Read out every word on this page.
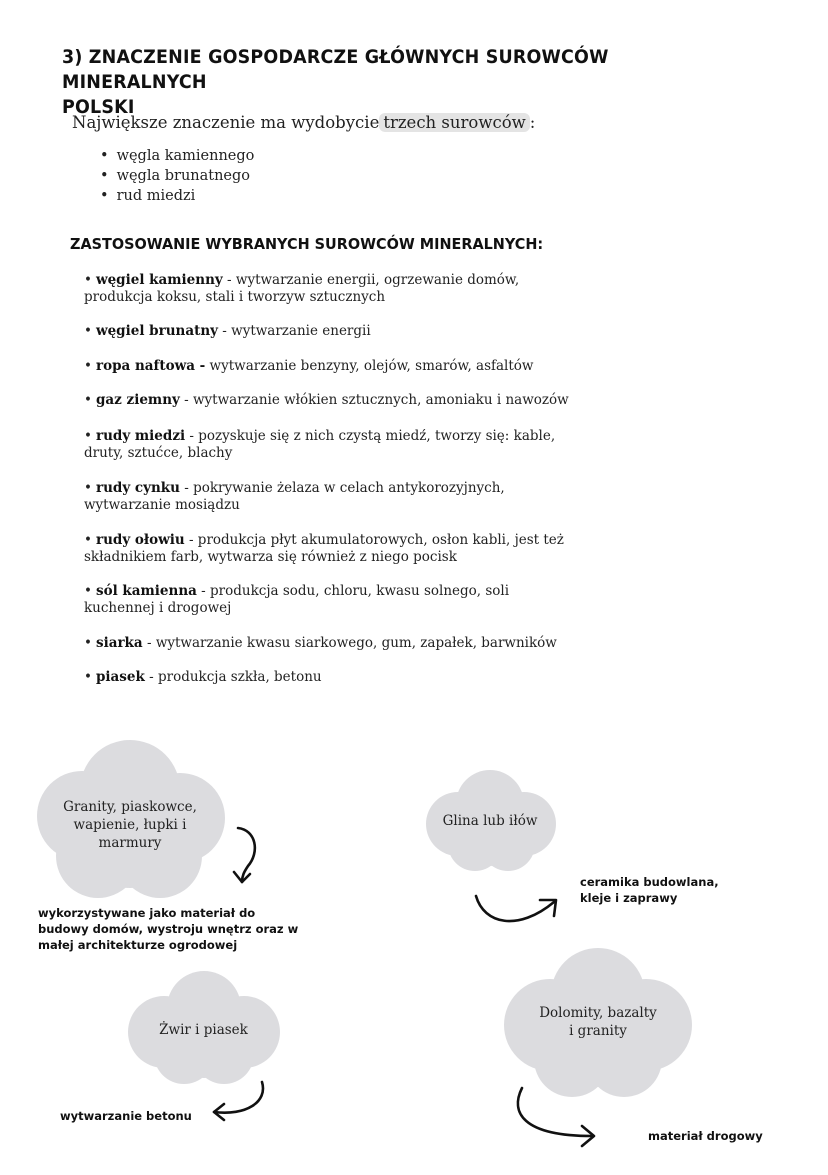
3) ZNACZENIE GOSPODARCZE GŁÓWNYCH SUROWCÓW MINERALNYCH
POLSKI
Największe znaczenie ma wydobycie trzech surowców :
• węgla kamiennego
• węgla brunatnego
• rud miedzi
ZASTOSOWANIE WYBRANYCH SUROWCÓW MINERALNYCH:
• węgiel kamienny - wytwarzanie energii, ogrzewanie domów,
produkcja koksu, stali i tworzyw sztucznych
• węgiel brunatny - wytwarzanie energii
• ropa naftowa - wytwarzanie benzyny, olejów, smarów, asfaltów
• gaz ziemny - wytwarzanie włókien sztucznych, amoniaku i nawozów
• rudy miedzi - pozyskuje się z nich czystą miedź, tworzy się: kable,
druty, sztućce, blachy
• rudy cynku - pokrywanie żelaza w celach antykorozyjnych,
wytwarzanie mosiądzu
• rudy ołowiu - produkcja płyt akumulatorowych, osłon kabli, jest też
składnikiem farb, wytwarza się również z niego pocisk
• sól kamienna - produkcja sodu, chloru, kwasu solnego, soli
kuchennej i drogowej
• siarka - wytwarzanie kwasu siarkowego, gum, zapałek, barwników
• piasek - produkcja szkła, betonu
Granity, piaskowce,
wapienie, łupki i
marmury
wykorzystywane jako materiał do
budowy domów, wystroju wnętrz oraz w
małej architekturze ogrodowej
Glina lub iłów
ceramika budowlana,
kleje i zaprawy
Żwir i piasek
wytwarzanie betonu
Dolomity, bazalty
i granity
materiał drogowy
